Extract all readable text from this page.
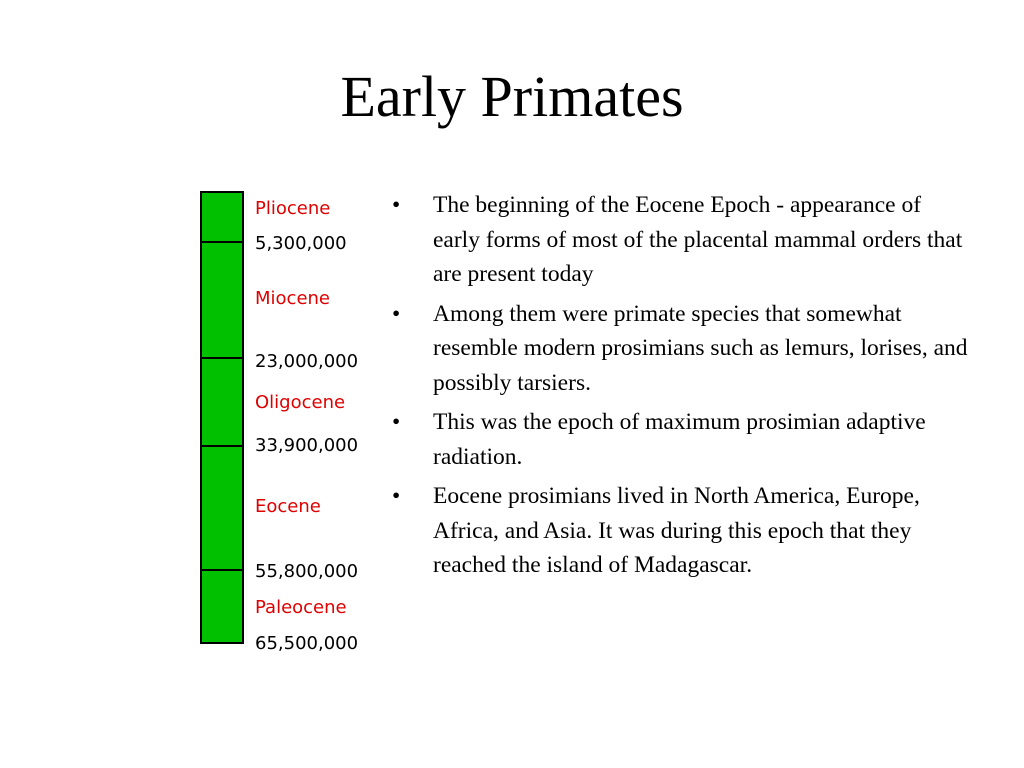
Early Primates
Pliocene
Miocene
Oligocene
Eocene
Paleocene
5,300,000
23,000,000
33,900,000
55,800,000
65,500,000
• The beginning of the Eocene Epoch - appearance of early forms of most of the placental mammal orders that are present today
• Among them were primate species that somewhat resemble modern prosimians such as lemurs, lorises, and possibly tarsiers.
• This was the epoch of maximum prosimian adaptive radiation.
• Eocene prosimians lived in North America, Europe, Africa, and Asia. It was during this epoch that they reached the island of Madagascar.
